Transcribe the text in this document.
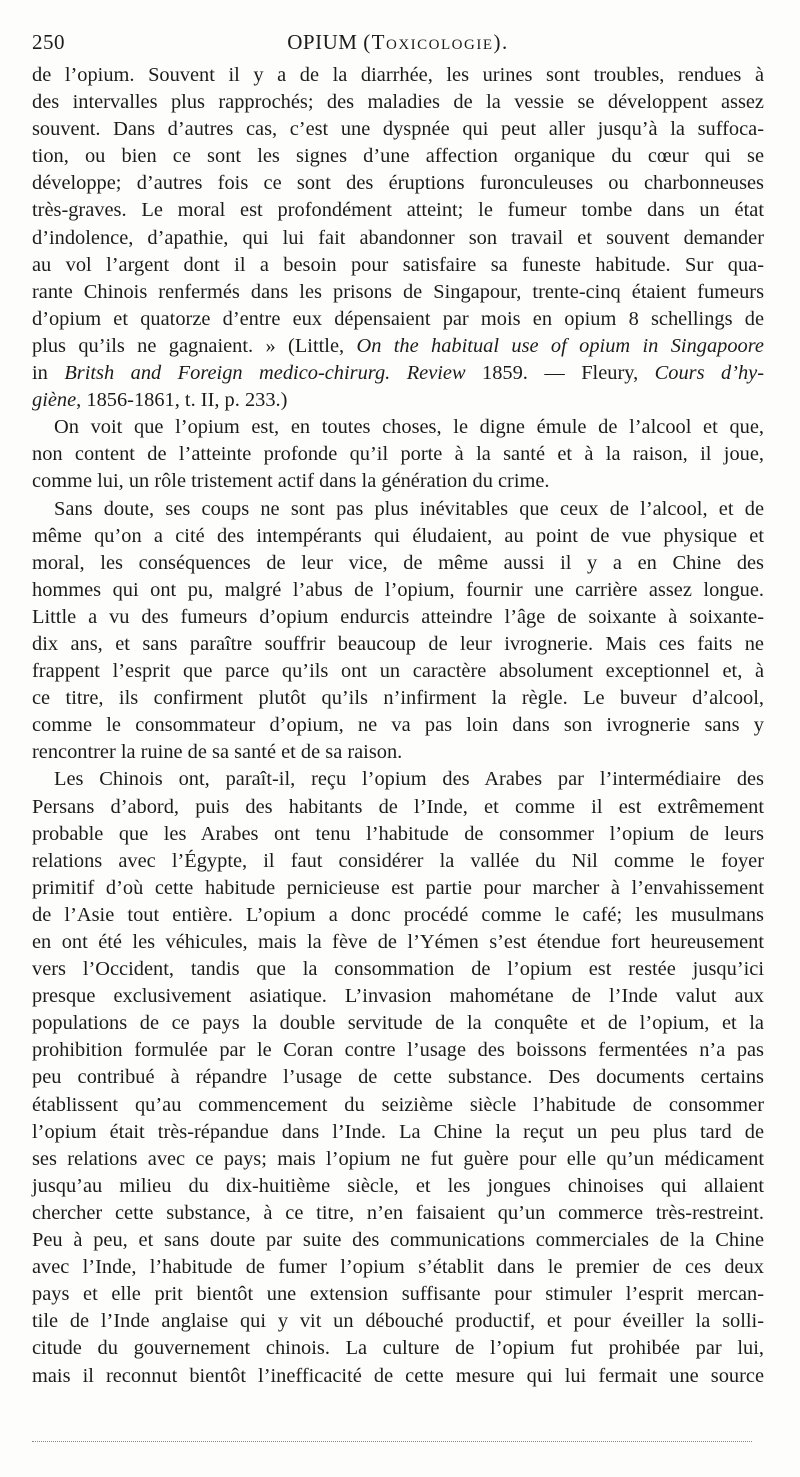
250	OPIUM (Toxicologie).
de l’opium. Souvent il y a de la diarrhée, les urines sont troubles, rendues à
des intervalles plus rapprochés; des maladies de la vessie se développent assez
souvent. Dans d’autres cas, c’est une dyspnée qui peut aller jusqu’à la suffoca-
tion, ou bien ce sont les signes d’une affection organique du cœur qui se
développe; d’autres fois ce sont des éruptions furonculeuses ou charbonneuses
très-graves. Le moral est profondément atteint; le fumeur tombe dans un état
d’indolence, d’apathie, qui lui fait abandonner son travail et souvent demander
au vol l’argent dont il a besoin pour satisfaire sa funeste habitude. Sur qua-
rante Chinois renfermés dans les prisons de Singapour, trente-cinq étaient fumeurs
d’opium et quatorze d’entre eux dépensaient par mois en opium 8 schellings de
plus qu’ils ne gagnaient. » (Little, On the habitual use of opium in Singapoore
in Britsh and Foreign medico-chirurg. Review 1859. — Fleury, Cours d’hy-
giène, 1856-1861, t. II, p. 233.)
On voit que l’opium est, en toutes choses, le digne émule de l’alcool et que,
non content de l’atteinte profonde qu’il porte à la santé et à la raison, il joue,
comme lui, un rôle tristement actif dans la génération du crime.
Sans doute, ses coups ne sont pas plus inévitables que ceux de l’alcool, et de
même qu’on a cité des intempérants qui éludaient, au point de vue physique et
moral, les conséquences de leur vice, de même aussi il y a en Chine des
hommes qui ont pu, malgré l’abus de l’opium, fournir une carrière assez longue.
Little a vu des fumeurs d’opium endurcis atteindre l’âge de soixante à soixante-
dix ans, et sans paraître souffrir beaucoup de leur ivrognerie. Mais ces faits ne
frappent l’esprit que parce qu’ils ont un caractère absolument exceptionnel et, à
ce titre, ils confirment plutôt qu’ils n’infirment la règle. Le buveur d’alcool,
comme le consommateur d’opium, ne va pas loin dans son ivrognerie sans y
rencontrer la ruine de sa santé et de sa raison.
Les Chinois ont, paraît-il, reçu l’opium des Arabes par l’intermédiaire des
Persans d’abord, puis des habitants de l’Inde, et comme il est extrêmement
probable que les Arabes ont tenu l’habitude de consommer l’opium de leurs
relations avec l’Égypte, il faut considérer la vallée du Nil comme le foyer
primitif d’où cette habitude pernicieuse est partie pour marcher à l’envahissement
de l’Asie tout entière. L’opium a donc procédé comme le café; les musulmans
en ont été les véhicules, mais la fève de l’Yémen s’est étendue fort heureusement
vers l’Occident, tandis que la consommation de l’opium est restée jusqu’ici
presque exclusivement asiatique. L’invasion mahométane de l’Inde valut aux
populations de ce pays la double servitude de la conquête et de l’opium, et la
prohibition formulée par le Coran contre l’usage des boissons fermentées n’a pas
peu contribué à répandre l’usage de cette substance. Des documents certains
établissent qu’au commencement du seizième siècle l’habitude de consommer
l’opium était très-répandue dans l’Inde. La Chine la reçut un peu plus tard de
ses relations avec ce pays; mais l’opium ne fut guère pour elle qu’un médicament
jusqu’au milieu du dix-huitième siècle, et les jongues chinoises qui allaient
chercher cette substance, à ce titre, n’en faisaient qu’un commerce très-restreint.
Peu à peu, et sans doute par suite des communications commerciales de la Chine
avec l’Inde, l’habitude de fumer l’opium s’établit dans le premier de ces deux
pays et elle prit bientôt une extension suffisante pour stimuler l’esprit mercan-
tile de l’Inde anglaise qui y vit un débouché productif, et pour éveiller la solli-
citude du gouvernement chinois. La culture de l’opium fut prohibée par lui,
mais il reconnut bientôt l’inefficacité de cette mesure qui lui fermait une source
